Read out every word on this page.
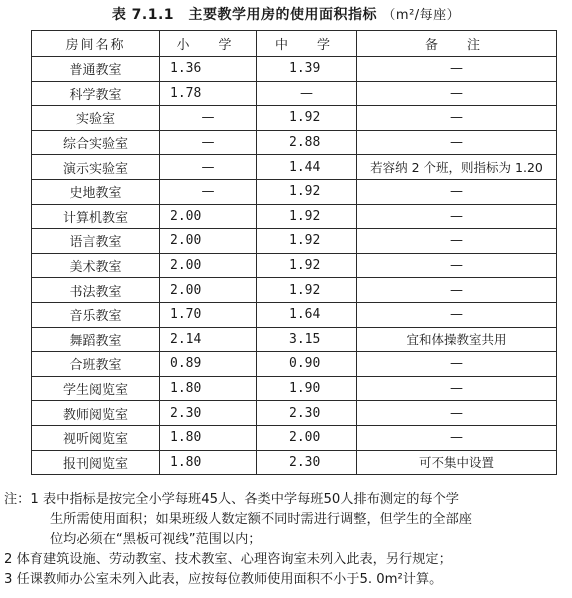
表 7.1.1　主要教学用房的使用面积指标 （m²/每座）
房间名称	小　学	中　学	备　注
普通教室	1.36	1.39	—
科学教室	1.78	—	—
实验室	—	1.92	—
综合实验室	—	2.88	—
演示实验室	—	1.44	若容纳 2 个班，则指标为 1.20
史地教室	—	1.92	—
计算机教室	2.00	1.92	—
语言教室	2.00	1.92	—
美术教室	2.00	1.92	—
书法教室	2.00	1.92	—
音乐教室	1.70	1.64	—
舞蹈教室	2.14	3.15	宜和体操教室共用
合班教室	0.89	0.90	—
学生阅览室	1.80	1.90	—
教师阅览室	2.30	2.30	—
视听阅览室	1.80	2.00	—
报刊阅览室	1.80	2.30	可不集中设置
注：1 表中指标是按完全小学每班45人、各类中学每班50人排布测定的每个学
生所需使用面积；如果班级人数定额不同时需进行调整，但学生的全部座
位均必须在“黑板可视线”范围以内；
2 体育建筑设施、劳动教室、技术教室、心理咨询室未列入此表，另行规定；
3 任课教师办公室未列入此表，应按每位教师使用面积不小于5. 0m²计算。
